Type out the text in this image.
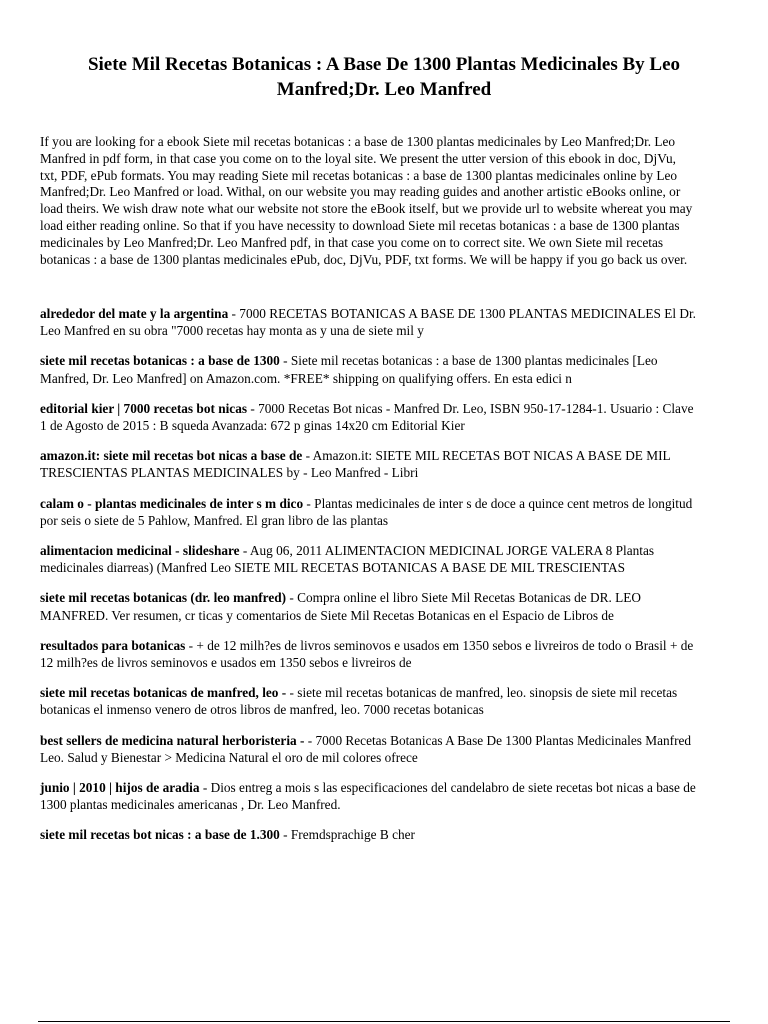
Siete Mil Recetas Botanicas : A Base De 1300 Plantas Medicinales By Leo Manfred;Dr. Leo Manfred

If you are looking for a ebook Siete mil recetas botanicas : a base de 1300 plantas medicinales by Leo Manfred;Dr. Leo Manfred in pdf form, in that case you come on to the loyal site. We present the utter version of this ebook in doc, DjVu, txt, PDF, ePub formats. You may reading Siete mil recetas botanicas : a base de 1300 plantas medicinales online by Leo Manfred;Dr. Leo Manfred or load. Withal, on our website you may reading guides and another artistic eBooks online, or load theirs. We wish draw note what our website not store the eBook itself, but we provide url to website whereat you may load either reading online. So that if you have necessity to download Siete mil recetas botanicas : a base de 1300 plantas medicinales by Leo Manfred;Dr. Leo Manfred pdf, in that case you come on to correct site. We own Siete mil recetas botanicas : a base de 1300 plantas medicinales ePub, doc, DjVu, PDF, txt forms. We will be happy if you go back us over.

alrededor del mate y la argentina - 7000 RECETAS BOTANICAS A BASE DE 1300 PLANTAS MEDICINALES El Dr. Leo Manfred en su obra "7000 recetas hay monta as y una de siete mil y

siete mil recetas botanicas : a base de 1300 - Siete mil recetas botanicas : a base de 1300 plantas medicinales [Leo Manfred, Dr. Leo Manfred] on Amazon.com. *FREE* shipping on qualifying offers. En esta edici n

editorial kier | 7000 recetas bot nicas - 7000 Recetas Bot nicas - Manfred Dr. Leo, ISBN 950-17-1284-1. Usuario : Clave 1 de Agosto de 2015 : B squeda Avanzada: 672 p ginas 14x20 cm Editorial Kier

amazon.it: siete mil recetas bot nicas a base de - Amazon.it: SIETE MIL RECETAS BOT NICAS A BASE DE MIL TRESCIENTAS PLANTAS MEDICINALES by - Leo Manfred - Libri

calam o - plantas medicinales de inter s m dico - Plantas medicinales de inter s de doce a quince cent metros de longitud por seis o siete de 5 Pahlow, Manfred. El gran libro de las plantas

alimentacion medicinal - slideshare - Aug 06, 2011 ALIMENTACION MEDICINAL JORGE VALERA 8 Plantas medicinales diarreas) (Manfred Leo SIETE MIL RECETAS BOTANICAS A BASE DE MIL TRESCIENTAS

siete mil recetas botanicas (dr. leo manfred) - Compra online el libro Siete Mil Recetas Botanicas de DR. LEO MANFRED. Ver resumen, cr ticas y comentarios de Siete Mil Recetas Botanicas en el Espacio de Libros de

resultados para botanicas - + de 12 milh?es de livros seminovos e usados em 1350 sebos e livreiros de todo o Brasil + de 12 milh?es de livros seminovos e usados em 1350 sebos e livreiros de

siete mil recetas botanicas de manfred, leo - - siete mil recetas botanicas de manfred, leo. sinopsis de siete mil recetas botanicas el inmenso venero de otros libros de manfred, leo. 7000 recetas botanicas

best sellers de medicina natural herboristeria - - 7000 Recetas Botanicas A Base De 1300 Plantas Medicinales Manfred Leo. Salud y Bienestar > Medicina Natural el oro de mil colores ofrece

junio | 2010 | hijos de aradia - Dios entreg a mois s las especificaciones del candelabro de siete recetas bot nicas a base de 1300 plantas medicinales americanas , Dr. Leo Manfred.

siete mil recetas bot nicas : a base de 1.300 - Fremdsprachige B cher
